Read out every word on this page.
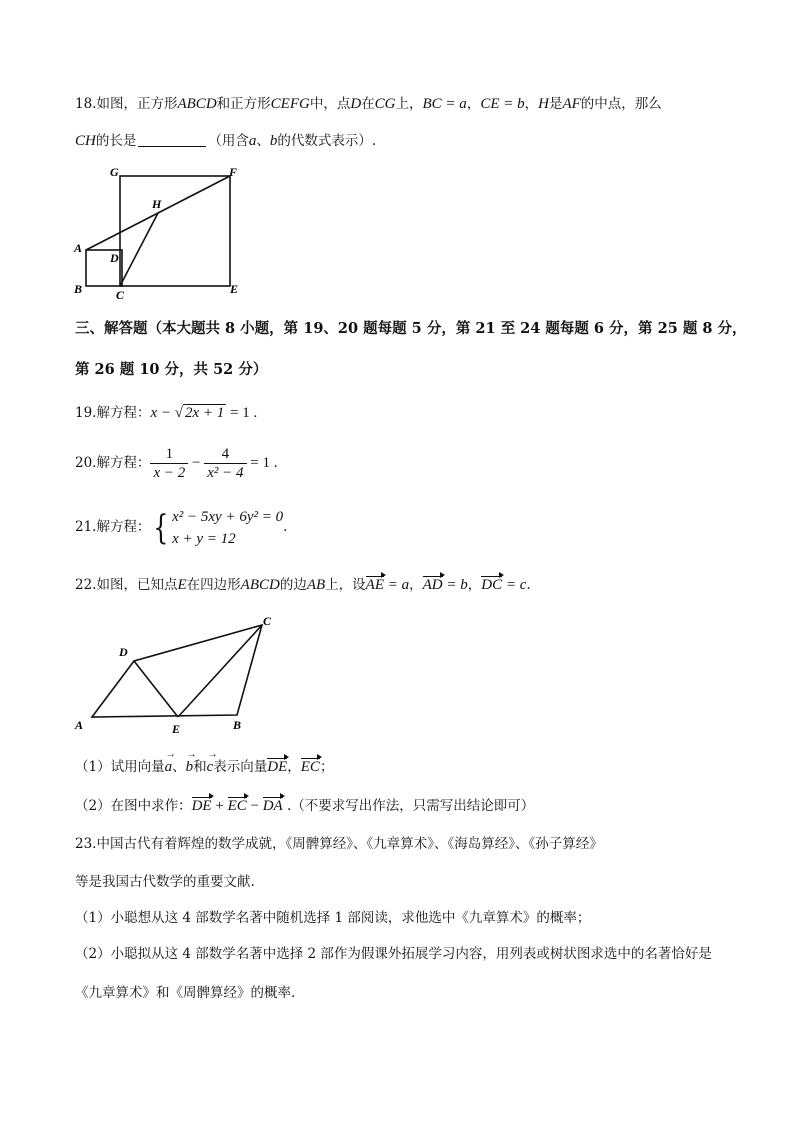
18.如图，正方形ABCD和正方形CEFG中，点D在CG上，BC = a，CE = b，H是AF的中点，那么
CH的长是	（用含a、b的代数式表示）.
G	F
H
A
D
B	C	E
三、解答题（本大题共 8 小题，第 19、20 题每题 5 分，第 21 至 24 题每题 6 分，第 25 题 8 分，
第 26 题 10 分，共 52 分）
19.解方程：x − √ 2x + 1 = 1 .
20.解方程： $\frac{1}{x - 2} - \frac{4}{\text{x² − 4}} = 1$ .
21.解方程：{ x² − 5xy + 6y² = 0
x + y = 12
.
22.如图，已知点E在四边形ABCD的边AB上，设AE = a，AD = b，DC = c.
C
D
A	E	B
（1）试用向量→ a、→ b和→ c表示向量DE，EC；
（2）在图中求作：DE + EC − DA .（不要求写出作法，只需写出结论即可）
23.中国古代有着辉煌的数学成就，《周髀算经》、《九章算术》、《海岛算经》、《孙子算经》
等是我国古代数学的重要文献.
（1）小聪想从这 4 部数学名著中随机选择 1 部阅读，求他选中《九章算术》的概率；
（2）小聪拟从这 4 部数学名著中选择 2 部作为假课外拓展学习内容，用列表或树状图求选中的名著恰好是
《九章算术》和《周髀算经》的概率.
